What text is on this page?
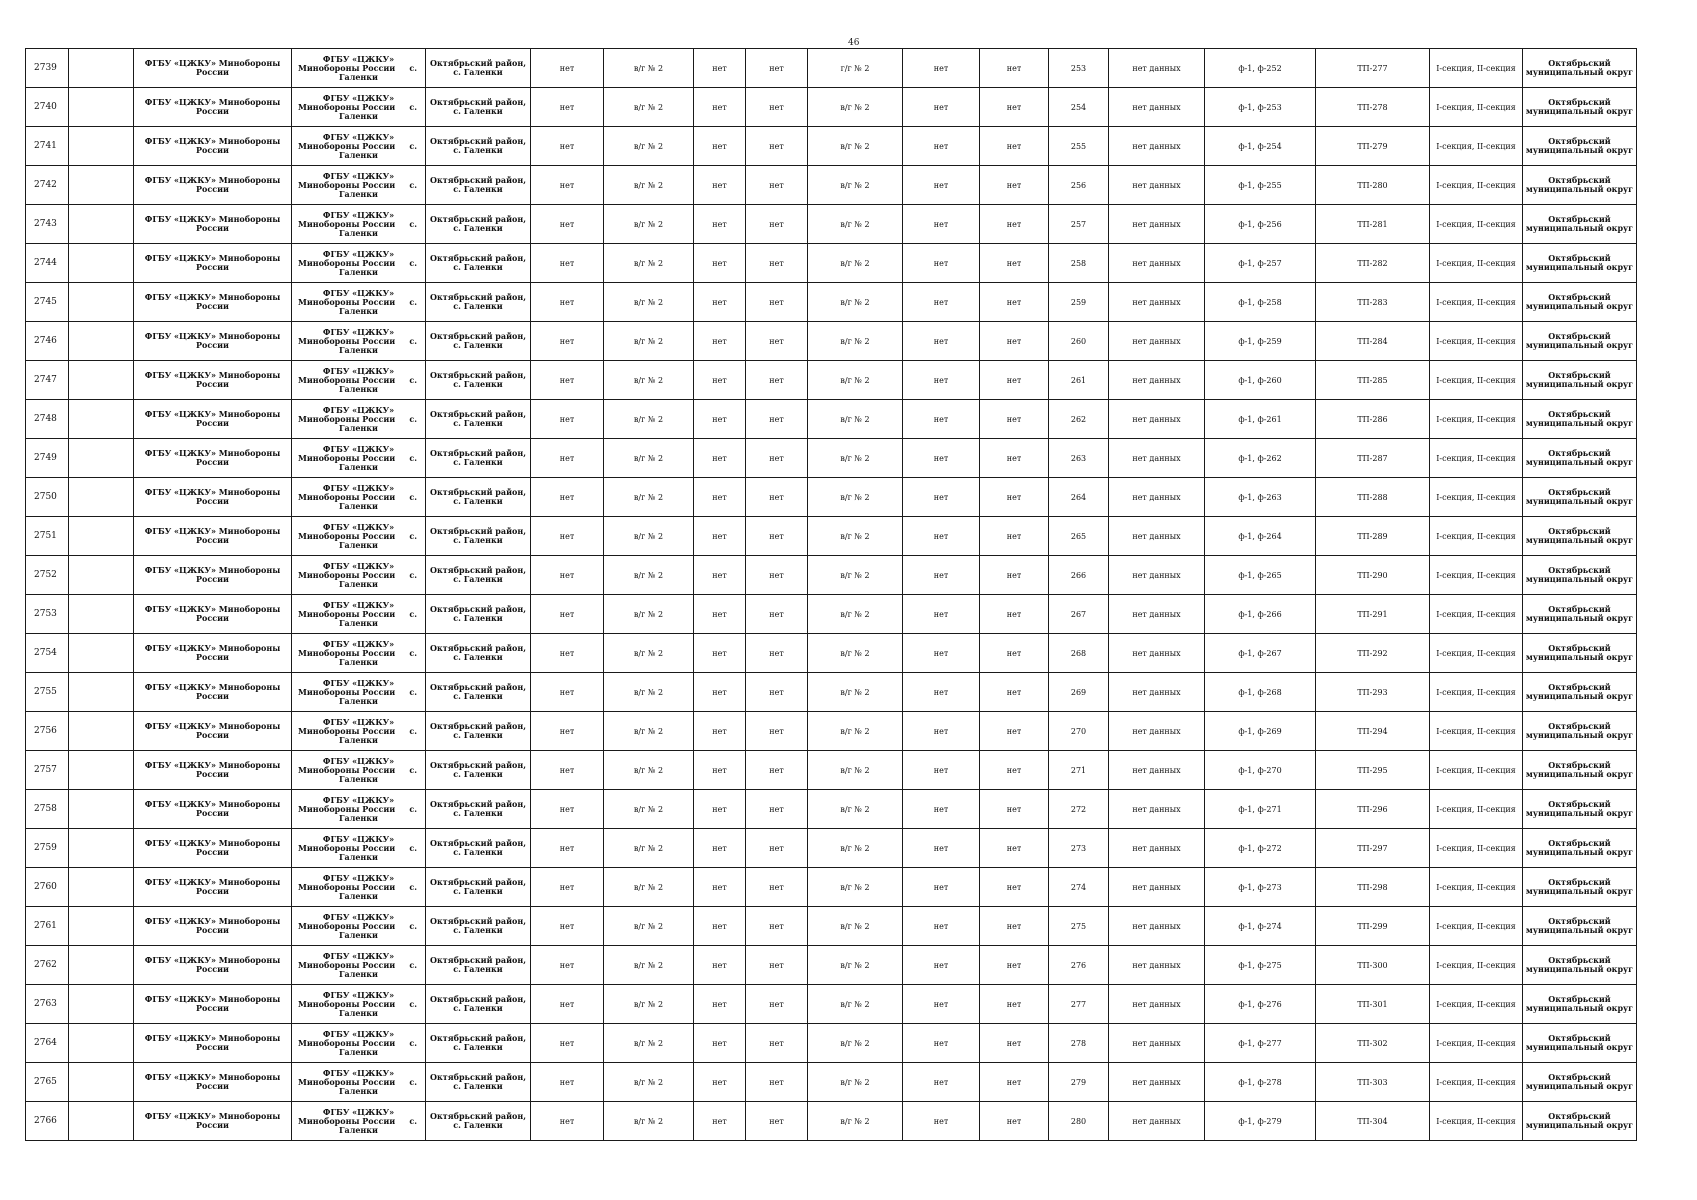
46
2739		ФГБУ «ЦЖКУ» Минобороны России	ФГБУ «ЦЖКУ»
Минобороны России с.
Галенки	Октябрьский район, с. Галенки	нет	в/г № 2	нет	нет	г/г № 2	нет	нет	253	нет данных	ф-1, ф-252	ТП-277	I-секция, II-секция	Октябрьский муниципальный округ
2740		ФГБУ «ЦЖКУ» Минобороны России	ФГБУ «ЦЖКУ»
Минобороны России с.
Галенки	Октябрьский район, с. Галенки	нет	в/г № 2	нет	нет	в/г № 2	нет	нет	254	нет данных	ф-1, ф-253	ТП-278	I-секция, II-секция	Октябрьский муниципальный округ
2741		ФГБУ «ЦЖКУ» Минобороны России	ФГБУ «ЦЖКУ»
Минобороны России с.
Галенки	Октябрьский район, с. Галенки	нет	в/г № 2	нет	нет	в/г № 2	нет	нет	255	нет данных	ф-1, ф-254	ТП-279	I-секция, II-секция	Октябрьский муниципальный округ
2742		ФГБУ «ЦЖКУ» Минобороны России	ФГБУ «ЦЖКУ»
Минобороны России с.
Галенки	Октябрьский район, с. Галенки	нет	в/г № 2	нет	нет	в/г № 2	нет	нет	256	нет данных	ф-1, ф-255	ТП-280	I-секция, II-секция	Октябрьский муниципальный округ
2743		ФГБУ «ЦЖКУ» Минобороны России	ФГБУ «ЦЖКУ»
Минобороны России с.
Галенки	Октябрьский район, с. Галенки	нет	в/г № 2	нет	нет	в/г № 2	нет	нет	257	нет данных	ф-1, ф-256	ТП-281	I-секция, II-секция	Октябрьский муниципальный округ
2744		ФГБУ «ЦЖКУ» Минобороны России	ФГБУ «ЦЖКУ»
Минобороны России с.
Галенки	Октябрьский район, с. Галенки	нет	в/г № 2	нет	нет	в/г № 2	нет	нет	258	нет данных	ф-1, ф-257	ТП-282	I-секция, II-секция	Октябрьский муниципальный округ
2745		ФГБУ «ЦЖКУ» Минобороны России	ФГБУ «ЦЖКУ»
Минобороны России с.
Галенки	Октябрьский район, с. Галенки	нет	в/г № 2	нет	нет	в/г № 2	нет	нет	259	нет данных	ф-1, ф-258	ТП-283	I-секция, II-секция	Октябрьский муниципальный округ
2746		ФГБУ «ЦЖКУ» Минобороны России	ФГБУ «ЦЖКУ»
Минобороны России с.
Галенки	Октябрьский район, с. Галенки	нет	в/г № 2	нет	нет	в/г № 2	нет	нет	260	нет данных	ф-1, ф-259	ТП-284	I-секция, II-секция	Октябрьский муниципальный округ
2747		ФГБУ «ЦЖКУ» Минобороны России	ФГБУ «ЦЖКУ»
Минобороны России с.
Галенки	Октябрьский район, с. Галенки	нет	в/г № 2	нет	нет	в/г № 2	нет	нет	261	нет данных	ф-1, ф-260	ТП-285	I-секция, II-секция	Октябрьский муниципальный округ
2748		ФГБУ «ЦЖКУ» Минобороны России	ФГБУ «ЦЖКУ»
Минобороны России с.
Галенки	Октябрьский район, с. Галенки	нет	в/г № 2	нет	нет	в/г № 2	нет	нет	262	нет данных	ф-1, ф-261	ТП-286	I-секция, II-секция	Октябрьский муниципальный округ
2749		ФГБУ «ЦЖКУ» Минобороны России	ФГБУ «ЦЖКУ»
Минобороны России с.
Галенки	Октябрьский район, с. Галенки	нет	в/г № 2	нет	нет	в/г № 2	нет	нет	263	нет данных	ф-1, ф-262	ТП-287	I-секция, II-секция	Октябрьский муниципальный округ
2750		ФГБУ «ЦЖКУ» Минобороны России	ФГБУ «ЦЖКУ»
Минобороны России с.
Галенки	Октябрьский район, с. Галенки	нет	в/г № 2	нет	нет	в/г № 2	нет	нет	264	нет данных	ф-1, ф-263	ТП-288	I-секция, II-секция	Октябрьский муниципальный округ
2751		ФГБУ «ЦЖКУ» Минобороны России	ФГБУ «ЦЖКУ»
Минобороны России с.
Галенки	Октябрьский район, с. Галенки	нет	в/г № 2	нет	нет	в/г № 2	нет	нет	265	нет данных	ф-1, ф-264	ТП-289	I-секция, II-секция	Октябрьский муниципальный округ
2752		ФГБУ «ЦЖКУ» Минобороны России	ФГБУ «ЦЖКУ»
Минобороны России с.
Галенки	Октябрьский район, с. Галенки	нет	в/г № 2	нет	нет	в/г № 2	нет	нет	266	нет данных	ф-1, ф-265	ТП-290	I-секция, II-секция	Октябрьский муниципальный округ
2753		ФГБУ «ЦЖКУ» Минобороны России	ФГБУ «ЦЖКУ»
Минобороны России с.
Галенки	Октябрьский район, с. Галенки	нет	в/г № 2	нет	нет	в/г № 2	нет	нет	267	нет данных	ф-1, ф-266	ТП-291	I-секция, II-секция	Октябрьский муниципальный округ
2754		ФГБУ «ЦЖКУ» Минобороны России	ФГБУ «ЦЖКУ»
Минобороны России с.
Галенки	Октябрьский район, с. Галенки	нет	в/г № 2	нет	нет	в/г № 2	нет	нет	268	нет данных	ф-1, ф-267	ТП-292	I-секция, II-секция	Октябрьский муниципальный округ
2755		ФГБУ «ЦЖКУ» Минобороны России	ФГБУ «ЦЖКУ»
Минобороны России с.
Галенки	Октябрьский район, с. Галенки	нет	в/г № 2	нет	нет	в/г № 2	нет	нет	269	нет данных	ф-1, ф-268	ТП-293	I-секция, II-секция	Октябрьский муниципальный округ
2756		ФГБУ «ЦЖКУ» Минобороны России	ФГБУ «ЦЖКУ»
Минобороны России с.
Галенки	Октябрьский район, с. Галенки	нет	в/г № 2	нет	нет	в/г № 2	нет	нет	270	нет данных	ф-1, ф-269	ТП-294	I-секция, II-секция	Октябрьский муниципальный округ
2757		ФГБУ «ЦЖКУ» Минобороны России	ФГБУ «ЦЖКУ»
Минобороны России с.
Галенки	Октябрьский район, с. Галенки	нет	в/г № 2	нет	нет	в/г № 2	нет	нет	271	нет данных	ф-1, ф-270	ТП-295	I-секция, II-секция	Октябрьский муниципальный округ
2758		ФГБУ «ЦЖКУ» Минобороны России	ФГБУ «ЦЖКУ»
Минобороны России с.
Галенки	Октябрьский район, с. Галенки	нет	в/г № 2	нет	нет	в/г № 2	нет	нет	272	нет данных	ф-1, ф-271	ТП-296	I-секция, II-секция	Октябрьский муниципальный округ
2759		ФГБУ «ЦЖКУ» Минобороны России	ФГБУ «ЦЖКУ»
Минобороны России с.
Галенки	Октябрьский район, с. Галенки	нет	в/г № 2	нет	нет	в/г № 2	нет	нет	273	нет данных	ф-1, ф-272	ТП-297	I-секция, II-секция	Октябрьский муниципальный округ
2760		ФГБУ «ЦЖКУ» Минобороны России	ФГБУ «ЦЖКУ»
Минобороны России с.
Галенки	Октябрьский район, с. Галенки	нет	в/г № 2	нет	нет	в/г № 2	нет	нет	274	нет данных	ф-1, ф-273	ТП-298	I-секция, II-секция	Октябрьский муниципальный округ
2761		ФГБУ «ЦЖКУ» Минобороны России	ФГБУ «ЦЖКУ»
Минобороны России с.
Галенки	Октябрьский район, с. Галенки	нет	в/г № 2	нет	нет	в/г № 2	нет	нет	275	нет данных	ф-1, ф-274	ТП-299	I-секция, II-секция	Октябрьский муниципальный округ
2762		ФГБУ «ЦЖКУ» Минобороны России	ФГБУ «ЦЖКУ»
Минобороны России с.
Галенки	Октябрьский район, с. Галенки	нет	в/г № 2	нет	нет	в/г № 2	нет	нет	276	нет данных	ф-1, ф-275	ТП-300	I-секция, II-секция	Октябрьский муниципальный округ
2763		ФГБУ «ЦЖКУ» Минобороны России	ФГБУ «ЦЖКУ»
Минобороны России с.
Галенки	Октябрьский район, с. Галенки	нет	в/г № 2	нет	нет	в/г № 2	нет	нет	277	нет данных	ф-1, ф-276	ТП-301	I-секция, II-секция	Октябрьский муниципальный округ
2764		ФГБУ «ЦЖКУ» Минобороны России	ФГБУ «ЦЖКУ»
Минобороны России с.
Галенки	Октябрьский район, с. Галенки	нет	в/г № 2	нет	нет	в/г № 2	нет	нет	278	нет данных	ф-1, ф-277	ТП-302	I-секция, II-секция	Октябрьский муниципальный округ
2765		ФГБУ «ЦЖКУ» Минобороны России	ФГБУ «ЦЖКУ»
Минобороны России с.
Галенки	Октябрьский район, с. Галенки	нет	в/г № 2	нет	нет	в/г № 2	нет	нет	279	нет данных	ф-1, ф-278	ТП-303	I-секция, II-секция	Октябрьский муниципальный округ
2766		ФГБУ «ЦЖКУ» Минобороны России	ФГБУ «ЦЖКУ»
Минобороны России с.
Галенки	Октябрьский район, с. Галенки	нет	в/г № 2	нет	нет	в/г № 2	нет	нет	280	нет данных	ф-1, ф-279	ТП-304	I-секция, II-секция	Октябрьский муниципальный округ
